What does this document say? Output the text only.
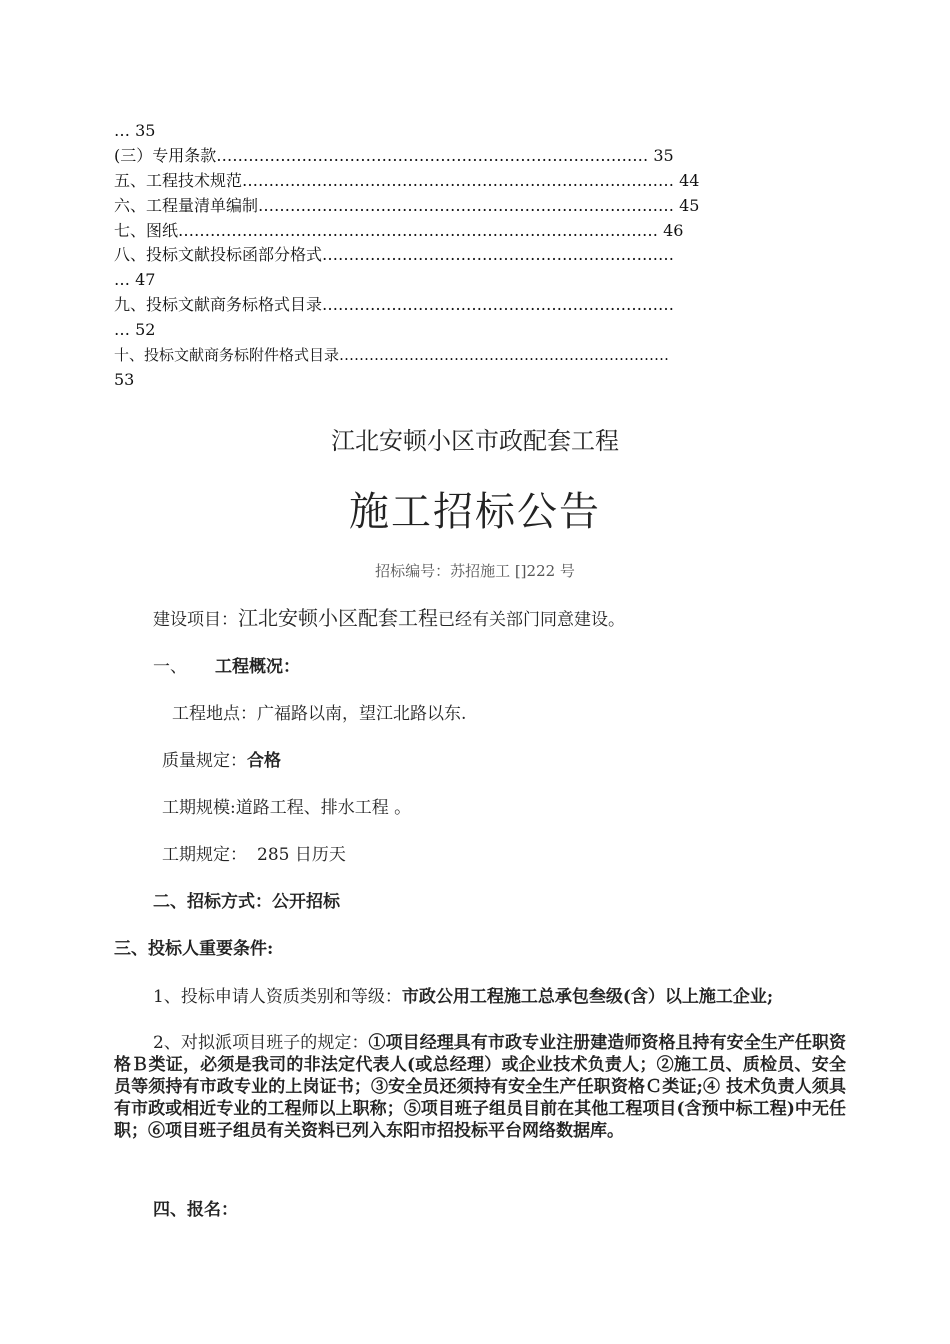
… 35
(三）专用条款……………………………………………………………………… 35
五、工程技术规范……………………………………………………………………… 44
六、工程量清单编制…………………………………………………………………… 45
七、图纸……………………………………………………………………………… 46
八、投标文献投标函部分格式…………………………………………………………
… 47
九、投标文献商务标格式目录…………………………………………………………
… 52
十、投标文献商务标附件格式目录…………………………………………………………
53
江北安顿小区市政配套工程
施工招标公告
招标编号：苏招施工 []222 号
建设项目：江北安顿小区配套工程已经有关部门同意建设。
一、 工程概况：
工程地点：广福路以南，望江北路以东.
质量规定：合格
工期规模:道路工程、排水工程 。
工期规定： 285 日历天
二、招标方式：公开招标
三、投标人重要条件:
1、投标申请人资质类别和等级：市政公用工程施工总承包叁级(含）以上施工企业;
2、对拟派项目班子的规定：①项目经理具有市政专业注册建造师资格且持有安全生产任职资格Ｂ类证，必须是我司的非法定代表人(或总经理）或企业技术负责人；②施工员、质检员、安全员等须持有市政专业的上岗证书；③安全员还须持有安全生产任职资格Ｃ类证;④ 技术负责人须具有市政或相近专业的工程师以上职称；⑤项目班子组员目前在其他工程项目(含预中标工程)中无任职；⑥项目班子组员有关资料已列入东阳市招投标平台网络数据库。
四、报名：
